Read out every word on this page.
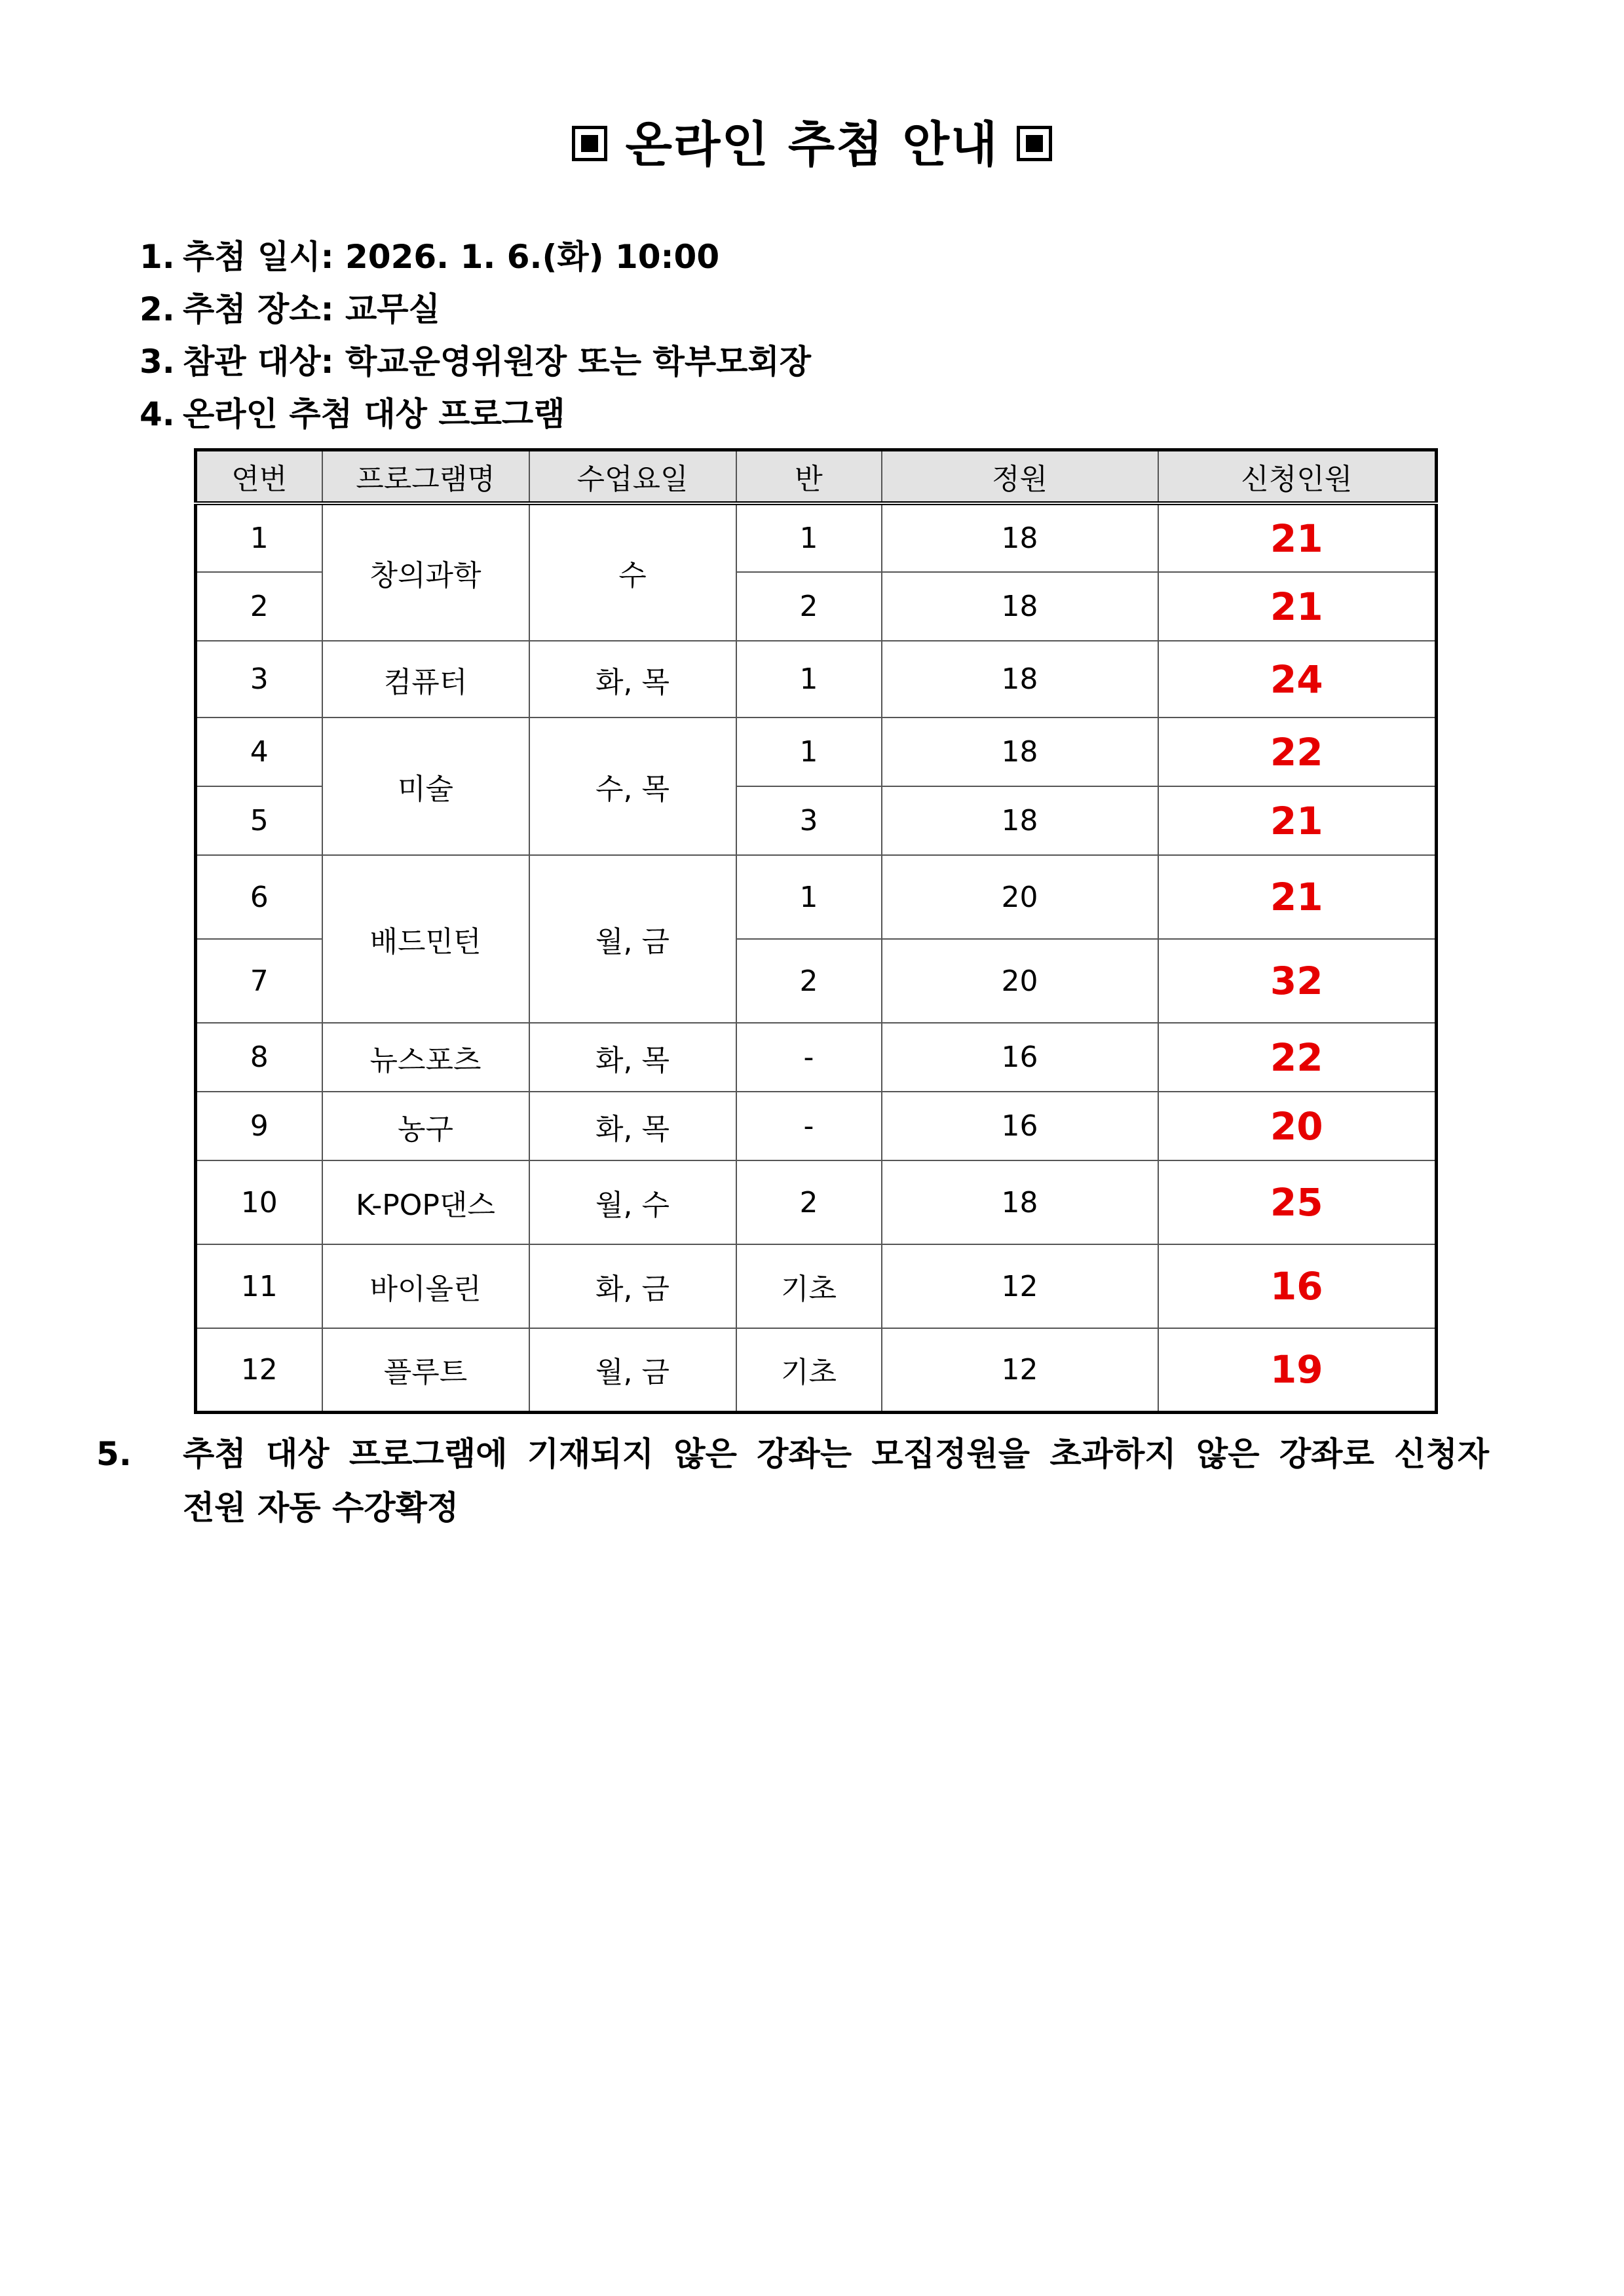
온라인 추첨 안내
1. 추첨 일시: 2026. 1. 6.(화) 10:00
2. 추첨 장소: 교무실
3. 참관 대상: 학교운영위원장 또는 학부모회장
4. 온라인 추첨 대상 프로그램
연번	프로그램명	수업요일	반	정원	신청인원
1	창의과학	수	1	18	21
2			2	18	21
3	컴퓨터	화, 목	1	18	24
4	미술	수, 목	1	18	22
5			3	18	21
6	배드민턴	월, 금	1	20	21
7			2	20	32
8	뉴스포츠	화, 목	-	16	22
9	농구	화, 목	-	16	20
10	K-POP댄스	월, 수	2	18	25
11	바이올린	화, 금	기초	12	16
12	플루트	월, 금	기초	12	19
5. 추첨 대상 프로그램에 기재되지 않은 강좌는 모집정원을 초과하지 않은 강좌로 신청자
전원 자동 수강확정
